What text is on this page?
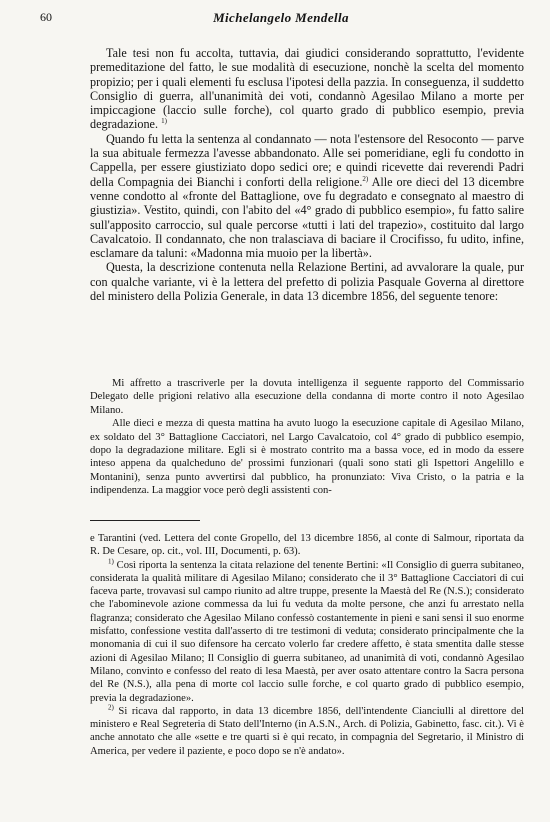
60	Michelangelo Mendella

Tale tesi non fu accolta, tuttavia, dai giudici considerando soprattutto, l'evidente premeditazione del fatto, le sue modalità di esecuzione, nonchè la scelta del momento propizio; per i quali elementi fu esclusa l'ipotesi della pazzia. In conseguenza, il suddetto Consiglio di guerra, all'unanimità dei voti, condannò Agesilao Milano a morte per impiccagione (laccio sulle forche), col quarto grado di pubblico esempio, previa degradazione. $^{1)}$

Quando fu letta la sentenza al condannato — nota l'estensore del Resoconto — parve la sua abituale fermezza l'avesse abbandonato. Alle sei pomeridiane, egli fu condotto in Cappella, per essere giustiziato dopo sedici ore; e quindi ricevette dai reverendi Padri della Compagnia dei Bianchi i conforti della religione.$^{2)}$ Alle ore dieci del 13 dicembre venne condotto al «fronte del Battaglione, ove fu degradato e consegnato al maestro di giustizia». Vestito, quindi, con l'abito del «4° grado di pubblico esempio», fu fatto salire sull'apposito carroccio, sul quale percorse «tutti i lati del trapezio», costituito dal largo Cavalcatoio. Il condannato, che non tralasciava di baciare il Crocifisso, fu udito, infine, esclamare da taluni: «Madonna mia muoio per la libertà».

Questa, la descrizione contenuta nella Relazione Bertini, ad avvalorare la quale, pur con qualche variante, vi è la lettera del prefetto di polizia Pasquale Governa al direttore del ministero della Polizia Generale, in data 13 dicembre 1856, del seguente tenore:

Mi affretto a trascriverle per la dovuta intelligenza il seguente rapporto del Commissario Delegato delle prigioni relativo alla esecuzione della condanna di morte contro il noto Agesilao Milano.

Alle dieci e mezza di questa mattina ha avuto luogo la esecuzione capitale di Agesilao Milano, ex soldato del 3° Battaglione Cacciatori, nel Largo Cavalcatoio, col 4° grado di pubblico esempio, dopo la degradazione militare. Egli si è mostrato contrito ma a bassa voce, ed in modo da essere inteso appena da qualcheduno de' prossimi funzionari (quali sono stati gli Ispettori Angelillo e Montanini), senza punto avvertirsi dal pubblico, ha pronunziato: Viva Cristo, o la patria e la indipendenza. La maggior voce però degli assistenti con-

e Tarantini (ved. Lettera del conte Gropello, del 13 dicembre 1856, al conte di Salmour, riportata da R. De Cesare, op. cit., vol. III, Documenti, p. 63).

$^{1)}$ Così riporta la sentenza la citata relazione del tenente Bertini: «Il Consiglio di guerra subitaneo, considerata la qualità militare di Agesilao Milano; considerato che il 3° Battaglione Cacciatori di cui faceva parte, trovavasi sul campo riunito ad altre truppe, presente la Maestà del Re (N.S.); considerato che l'abominevole azione commessa da lui fu veduta da molte persone, che anzi fu arrestato nella flagranza; considerato che Agesilao Milano confessò costantemente in pieni e sani sensi il suo enorme misfatto, confessione vestita dall'asserto di tre testimoni di veduta; considerato principalmente che la monomania di cui il suo difensore ha cercato volerlo far credere affetto, è stata smentita dalle stesse azioni di Agesilao Milano; Il Consiglio di guerra subitaneo, ad unanimità di voti, condannò Agesilao Milano, convinto e confesso del reato di lesa Maestà, per aver osato attentare contro la Sacra persona del Re (N.S.), alla pena di morte col laccio sulle forche, e col quarto grado di pubblico esempio, previa la degradazione».

$^{2)}$ Si ricava dal rapporto, in data 13 dicembre 1856, dell'intendente Cianciulli al direttore del ministero e Real Segreteria di Stato dell'Interno (in A.S.N., Arch. di Polizia, Gabinetto, fasc. cit.). Vi è anche annotato che alle «sette e tre quarti si è qui recato, in compagnia del Segretario, il Ministro di America, per vedere il paziente, e poco dopo se n'è andato».
